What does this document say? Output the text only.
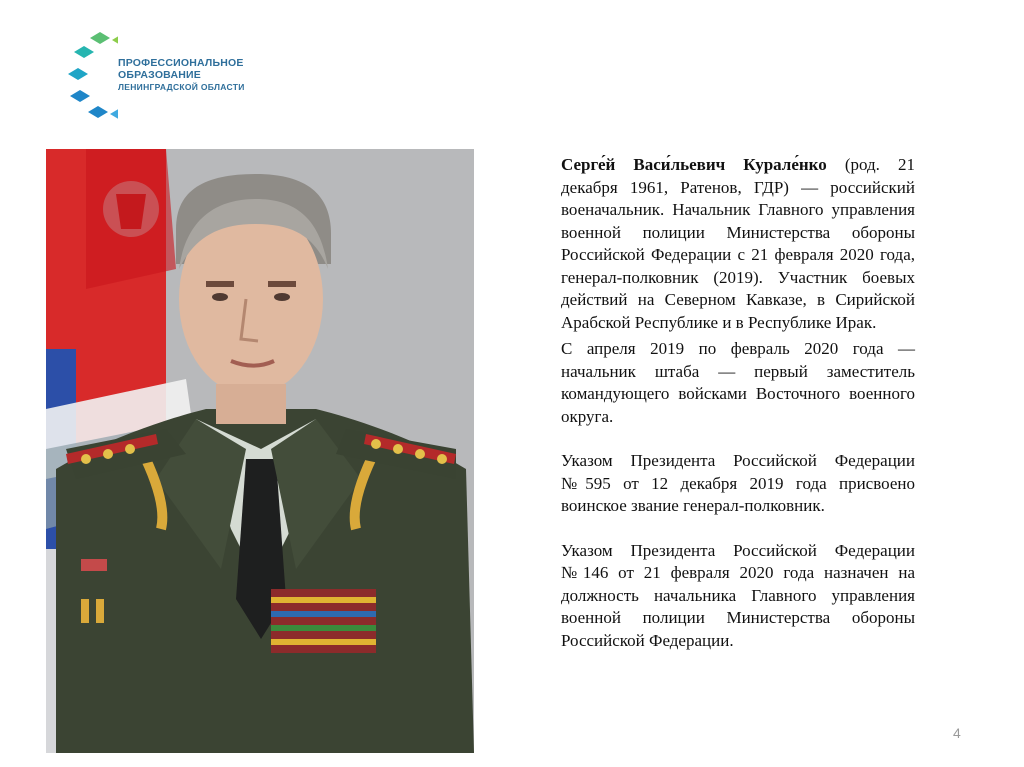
ПРОФЕССИОНАЛЬНОЕ
ОБРАЗОВАНИЕ
ЛЕНИНГРАДСКОЙ ОБЛАСТИ

Серге́й Васи́льевич Курале́нко (род. 21 декабря 1961, Ратенов, ГДР) — российский военачальник. Начальник Главного управления военной полиции Министерства обороны Российской Федерации с 21 февраля 2020 года, генерал-полковник (2019). Участник боевых действий на Северном Кавказе, в Сирийской Арабской Республике и в Республике Ирак.

С апреля 2019 по февраль 2020 года — начальник штаба — первый заместитель командующего войсками Восточного военного округа.

Указом Президента Российской Федерации №595 от 12 декабря 2019 года присвоено воинское звание генерал-полковник.

Указом Президента Российской Федерации №146 от 21 февраля 2020 года назначен на должность начальника Главного управления военной полиции Министерства обороны Российской Федерации.

4
